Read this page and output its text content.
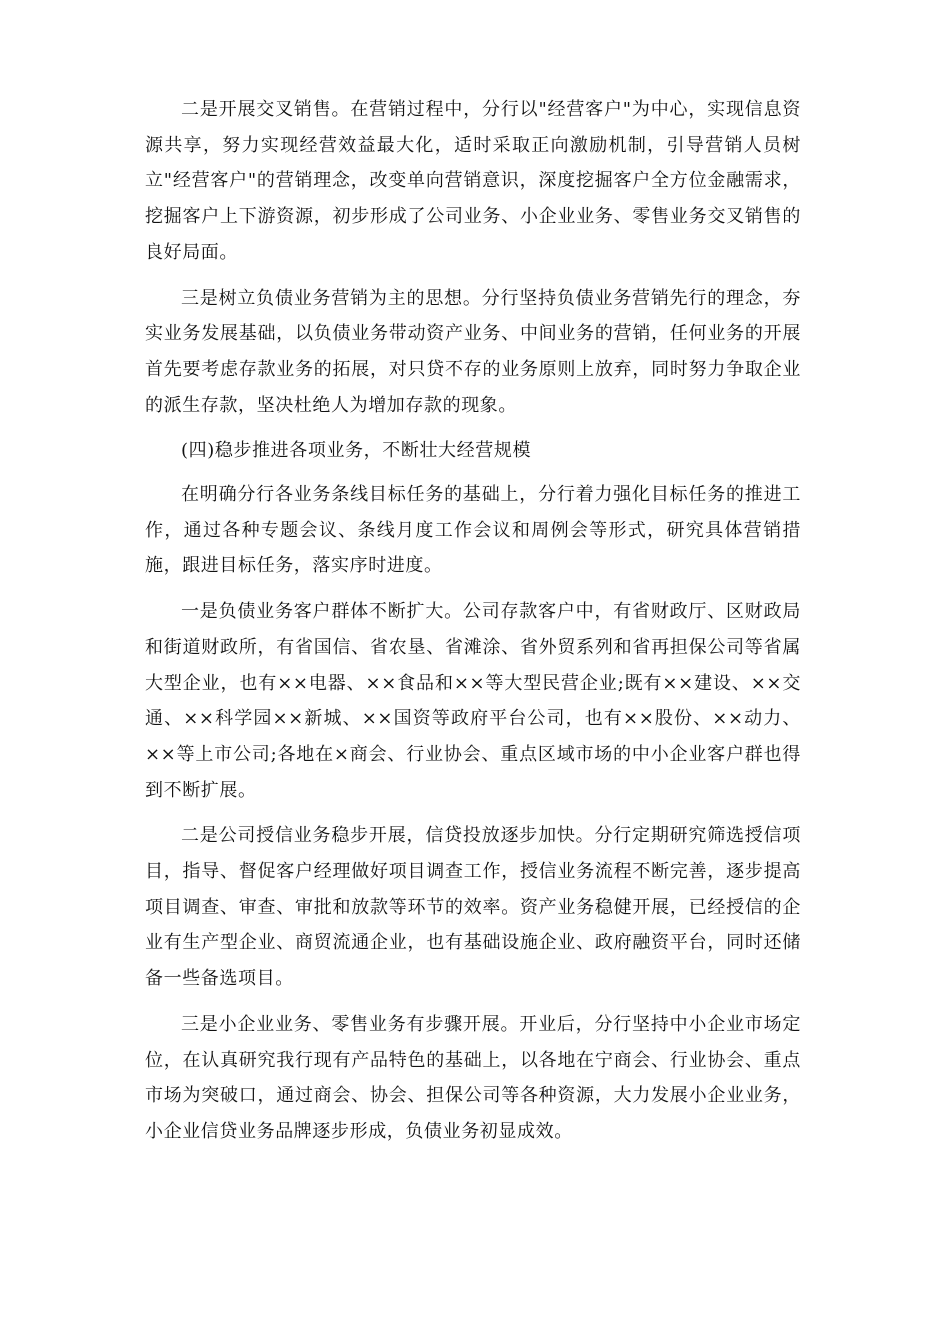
二是开展交叉销售。在营销过程中，分行以"经营客户"为中心，实现信息资源共享，努力实现经营效益最大化，适时采取正向激励机制，引导营销人员树立"经营客户"的营销理念，改变单向营销意识，深度挖掘客户全方位金融需求，挖掘客户上下游资源，初步形成了公司业务、小企业业务、零售业务交叉销售的良好局面。

三是树立负债业务营销为主的思想。分行坚持负债业务营销先行的理念，夯实业务发展基础，以负债业务带动资产业务、中间业务的营销，任何业务的开展首先要考虑存款业务的拓展，对只贷不存的业务原则上放弃，同时努力争取企业的派生存款，坚决杜绝人为增加存款的现象。

(四)稳步推进各项业务，不断壮大经营规模

在明确分行各业务条线目标任务的基础上，分行着力强化目标任务的推进工作，通过各种专题会议、条线月度工作会议和周例会等形式，研究具体营销措施，跟进目标任务，落实序时进度。

一是负债业务客户群体不断扩大。公司存款客户中，有省财政厅、区财政局和街道财政所，有省国信、省农垦、省滩涂、省外贸系列和省再担保公司等省属大型企业，也有××电器、××食品和××等大型民营企业;既有××建设、××交通、××科学园××新城、××国资等政府平台公司，也有××股份、××动力、××等上市公司;各地在×商会、行业协会、重点区域市场的中小企业客户群也得到不断扩展。

二是公司授信业务稳步开展，信贷投放逐步加快。分行定期研究筛选授信项目，指导、督促客户经理做好项目调查工作，授信业务流程不断完善，逐步提高项目调查、审查、审批和放款等环节的效率。资产业务稳健开展，已经授信的企业有生产型企业、商贸流通企业，也有基础设施企业、政府融资平台，同时还储备一些备选项目。

三是小企业业务、零售业务有步骤开展。开业后，分行坚持中小企业市场定位，在认真研究我行现有产品特色的基础上，以各地在宁商会、行业协会、重点市场为突破口，通过商会、协会、担保公司等各种资源，大力发展小企业业务，小企业信贷业务品牌逐步形成，负债业务初显成效。
